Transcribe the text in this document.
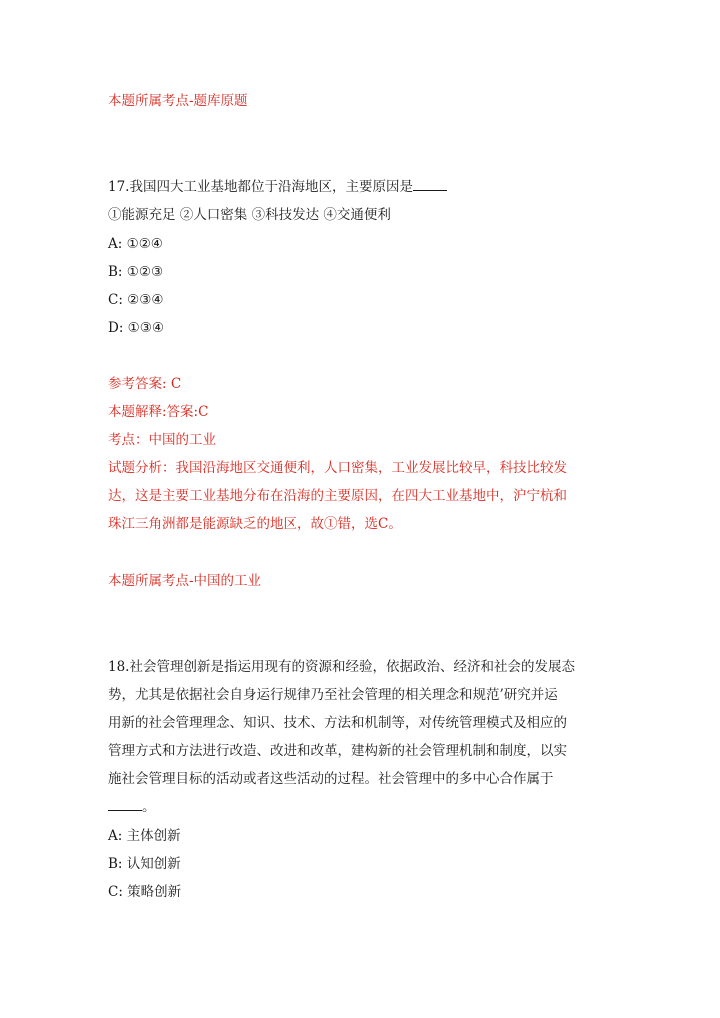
本题所属考点-题库原题
17.我国四大工业基地都位于沿海地区，主要原因是
①能源充足 ②人口密集 ③科技发达 ④交通便利
A: ①②④
B: ①②③
C: ②③④
D: ①③④
参考答案: C
本题解释:答案:C
考点：中国的工业
试题分析：我国沿海地区交通便利，人口密集，工业发展比较早，科技比较发
达，这是主要工业基地分布在沿海的主要原因，在四大工业基地中，沪宁杭和
珠江三角洲都是能源缺乏的地区，故①错，选C。
本题所属考点-中国的工业
18.社会管理创新是指运用现有的资源和经验，依据政治、经济和社会的发展态
势，尤其是依据社会自身运行规律乃至社会管理的相关理念和规范’研究并运
用新的社会管理理念、知识、技术、方法和机制等，对传统管理模式及相应的
管理方式和方法进行改造、改进和改革，建构新的社会管理机制和制度，以实
施社会管理目标的活动或者这些活动的过程。社会管理中的多中心合作属于
。
A: 主体创新
B: 认知创新
C: 策略创新
